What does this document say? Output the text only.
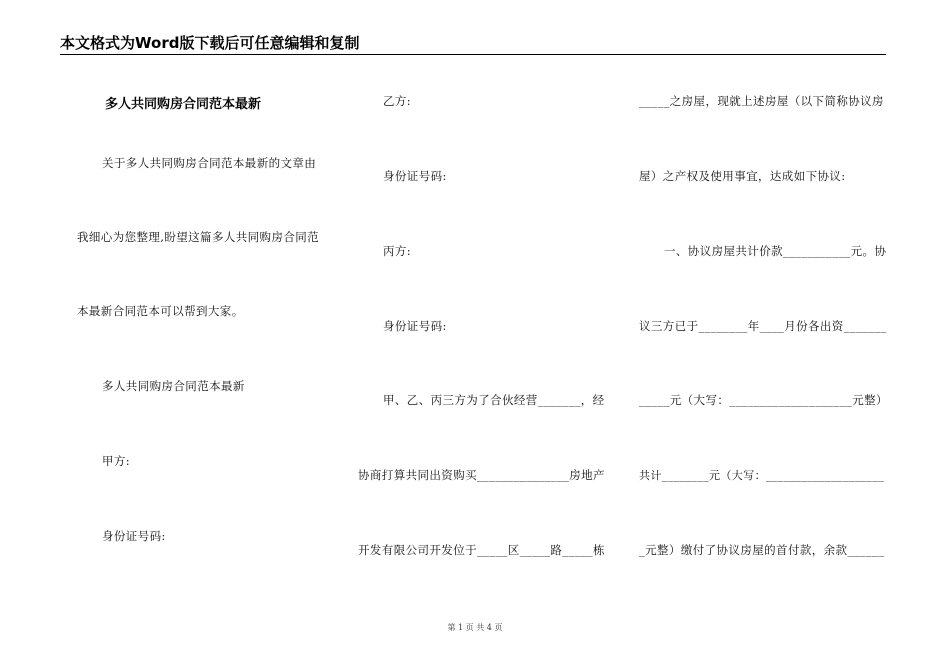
本文格式为Word版下载后可任意编辑和复制
多人共同购房合同范本最新
关于多人共同购房合同范本最新的文章由
我细心为您整理,盼望这篇多人共同购房合同范
本最新合同范本可以帮到大家。
多人共同购房合同范本最新
甲方:
身份证号码:
乙方:
身份证号码:
丙方:
身份证号码:
甲、乙、丙三方为了合伙经营_______，经
协商打算共同出资购买_______________房地产
开发有限公司开发位于_____区_____路_____栋
_____之房屋，现就上述房屋（以下简称协议房
屋）之产权及使用事宜，达成如下协议:
一、协议房屋共计价款___________元。协
议三方已于________年____月份各出资_______
_____元（大写：____________________元整）
共计________元（大写：____________________
_元整）缴付了协议房屋的首付款，余款______
第 1 页 共 4 页
